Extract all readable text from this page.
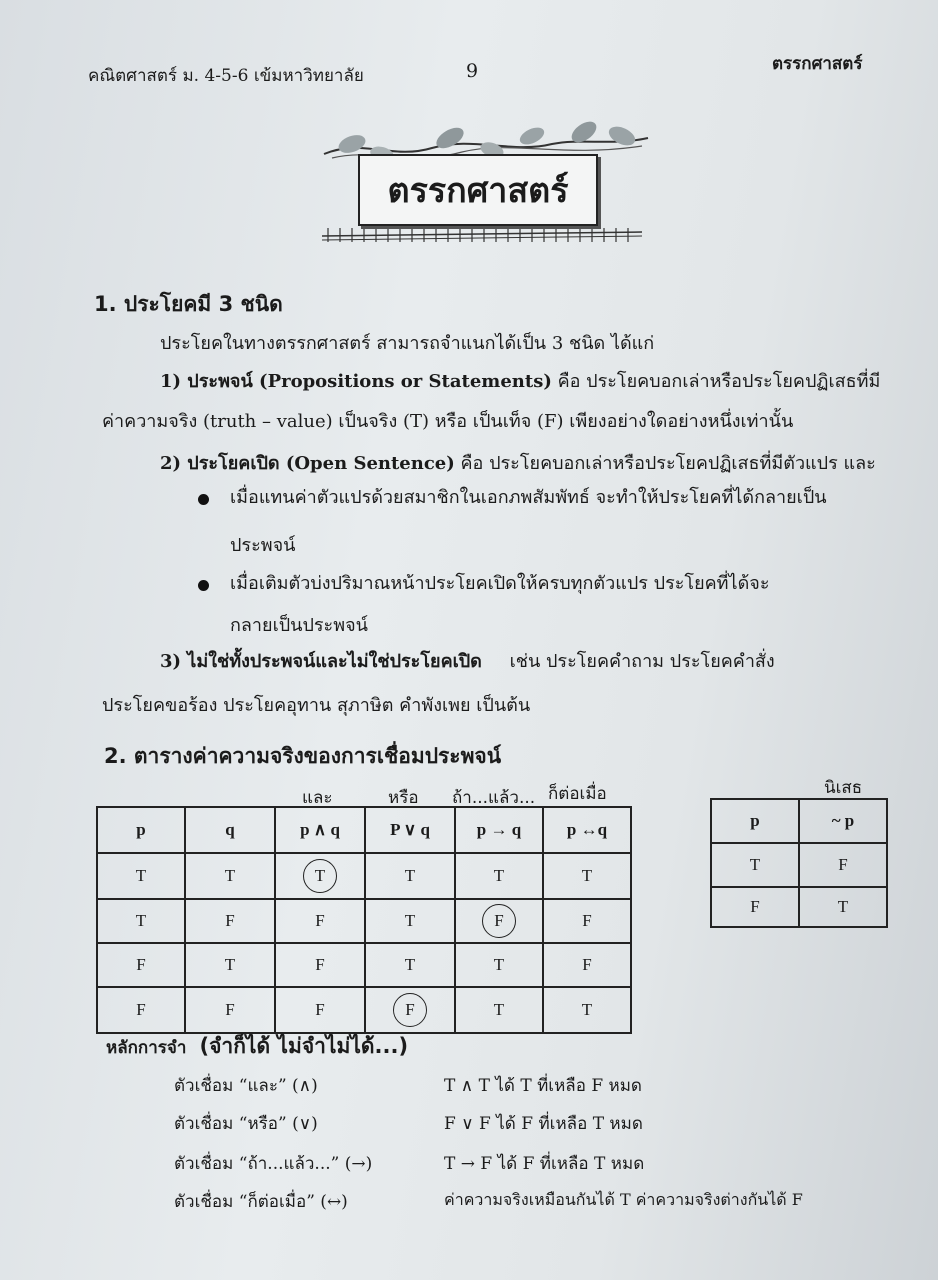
คณิตศาสตร์ ม. 4-5-6 เข้มหาวิทยาลัย	9	ตรรกศาสตร์
ตรรกศาสตร์
1. ประโยคมี 3 ชนิด
ประโยคในทางตรรกศาสตร์ สามารถจำแนกได้เป็น 3 ชนิด ได้แก่
1) ประพจน์ (Propositions or Statements) คือ ประโยคบอกเล่าหรือประโยคปฏิเสธที่มี
ค่าความจริง (truth – value) เป็นจริง (T) หรือ เป็นเท็จ (F) เพียงอย่างใดอย่างหนึ่งเท่านั้น
2) ประโยคเปิด (Open Sentence) คือ ประโยคบอกเล่าหรือประโยคปฏิเสธที่มีตัวแปร และ
เมื่อแทนค่าตัวแปรด้วยสมาชิกในเอกภพสัมพัทธ์ จะทำให้ประโยคที่ได้กลายเป็น
ประพจน์
เมื่อเติมตัวบ่งปริมาณหน้าประโยคเปิดให้ครบทุกตัวแปร ประโยคที่ได้จะ
กลายเป็นประพจน์
3) ไม่ใช่ทั้งประพจน์และไม่ใช่ประโยคเปิด เช่น ประโยคคำถาม ประโยคคำสั่ง
ประโยคขอร้อง ประโยคอุทาน สุภาษิต คำพังเพย เป็นต้น
2. ตารางค่าความจริงของการเชื่อมประพจน์
และ	หรือ ถ้า...แล้ว... ก็ต่อเมื่อ	นิเสธ
p	q	p ∧ q	P ∨ q	p → q	p ↔q
T	T	T	T	T	T
T	F	F	T	F	F
F	T	F	T	T	F
F	F	F	F	T	T
p	~ p
T	F
F	T
หลักการจำ (จำก็ได้ ไม่จำไม่ได้...)
ตัวเชื่อม “และ” (∧)	T ∧ T ได้ T ที่เหลือ F หมด
ตัวเชื่อม “หรือ” (∨)	F ∨ F ได้ F ที่เหลือ T หมด
ตัวเชื่อม “ถ้า...แล้ว...” (→)	T → F ได้ F ที่เหลือ T หมด
ตัวเชื่อม “ก็ต่อเมื่อ” (↔)	ค่าความจริงเหมือนกันได้ T ค่าความจริงต่างกันได้ F
